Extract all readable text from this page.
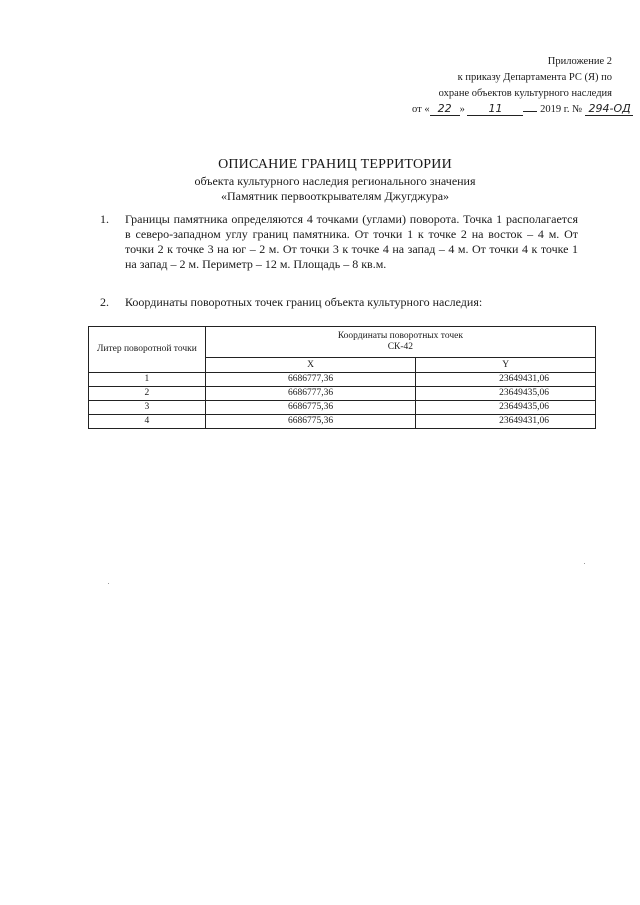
Приложение 2
к приказу Департамента РС (Я) по
охране объектов культурного наследия
от « 22 » 11	2019 г. № 294-ОД
ОПИСАНИЕ ГРАНИЦ ТЕРРИТОРИИ
объекта культурного наследия регионального значения
«Памятник первооткрывателям Джугджура»
1. Границы памятника определяются 4 точками (углами) поворота. Точка 1 располагается в северо-западном углу границ памятника. От точки 1 к точке 2 на восток – 4 м. От точки 2 к точке 3 на юг – 2 м. От точки 3 к точке 4 на запад – 4 м. От точки 4 к точке 1 на запад – 2 м. Периметр – 12 м. Площадь – 8 кв.м.
2. Координаты поворотных точек границ объекта культурного наследия:
Литер поворотной точки	Координаты поворотных точек
СК-42	

	X	Y
1	6686777,36	23649431,06
2	6686777,36	23649435,06
3	6686775,36	23649435,06
4	6686775,36	23649431,06
